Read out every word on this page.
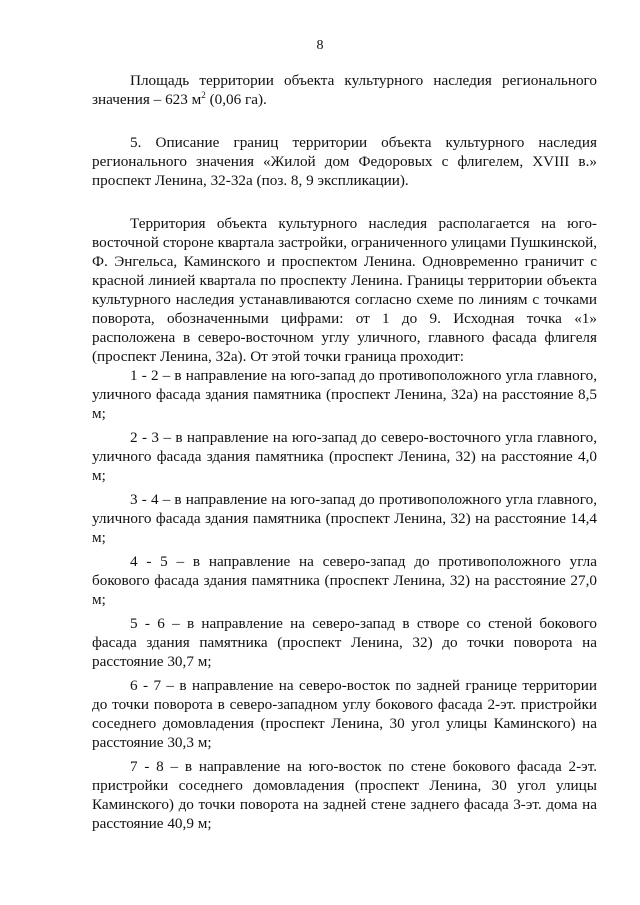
8

Площадь территории объекта культурного наследия регионального значения – 623 $м^2$ (0,06 га).

5. Описание границ территории объекта культурного наследия регионального значения «Жилой дом Федоровых с флигелем, XVIII в.» проспект Ленина, 32-32а (поз. 8, 9 экспликации).

Территория объекта культурного наследия располагается на юго-восточной стороне квартала застройки, ограниченного улицами Пушкинской, Ф. Энгельса, Каминского и проспектом Ленина. Одновременно граничит с красной линией квартала по проспекту Ленина. Границы территории объекта культурного наследия устанавливаются согласно схеме по линиям с точками поворота, обозначенными цифрами: от 1 до 9. Исходная точка «1» расположена в северо-восточном углу уличного, главного фасада флигеля (проспект Ленина, 32а). От этой точки граница проходит:

1 - 2 – в направление на юго-запад до противоположного угла главного, уличного фасада здания памятника (проспект Ленина, 32а) на расстояние 8,5 м;

2 - 3 – в направление на юго-запад до северо-восточного угла главного, уличного фасада здания памятника (проспект Ленина, 32) на расстояние 4,0 м;

3 - 4 – в направление на юго-запад до противоположного угла главного, уличного фасада здания памятника (проспект Ленина, 32) на расстояние 14,4 м;

4 - 5 – в направление на северо-запад до противоположного угла бокового фасада здания памятника (проспект Ленина, 32) на расстояние 27,0 м;

5 - 6 – в направление на северо-запад в створе со стеной бокового фасада здания памятника (проспект Ленина, 32) до точки поворота на расстояние 30,7 м;

6 - 7 – в направление на северо-восток по задней границе территории до точки поворота в северо-западном углу бокового фасада 2-эт. пристройки соседнего домовладения (проспект Ленина, 30 угол улицы Каминского) на расстояние 30,3 м;

7 - 8 – в направление на юго-восток по стене бокового фасада 2-эт. пристройки соседнего домовладения (проспект Ленина, 30 угол улицы Каминского) до точки поворота на задней стене заднего фасада 3-эт. дома на расстояние 40,9 м;
